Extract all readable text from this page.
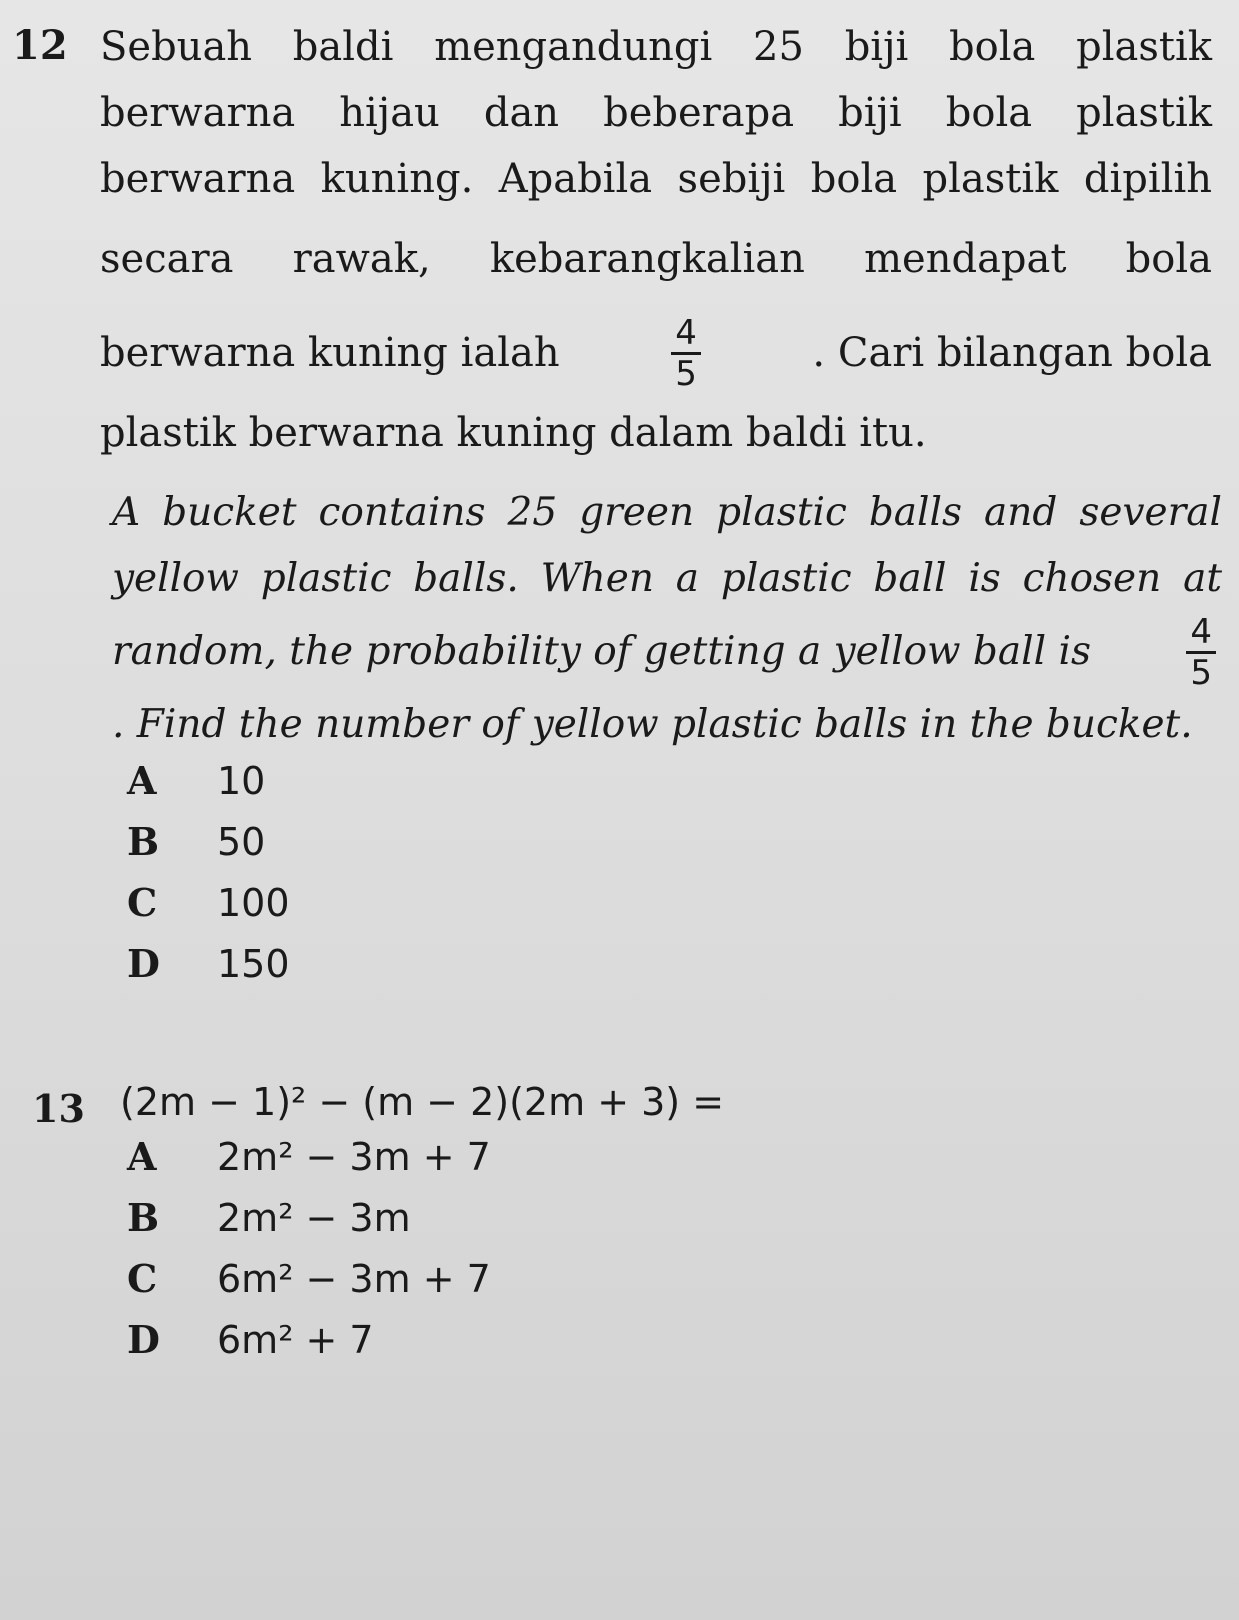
12 Sebuah baldi mengandungi 25 biji bola plastik
berwarna hijau dan beberapa biji bola plastik
berwarna kuning. Apabila sebiji bola plastik dipilih
secara rawak, kebarangkalian mendapat bola
berwarna kuning ialah	$\frac{4}{5}$	. Cari bilangan bola
plastik berwarna kuning dalam baldi itu.
A bucket contains 25 green plastic balls and several
yellow plastic balls. When a plastic ball is chosen at
random, the probability of getting a yellow ball is	$\frac{4}{5}$
. Find the number of yellow plastic balls in the bucket.
A	10
B	50
C	100
D	150
13 (2m − 1)² − (m − 2)(2m + 3) =
A	2m² − 3m + 7
B	2m² − 3m
C	6m² − 3m + 7
D	6m² + 7
